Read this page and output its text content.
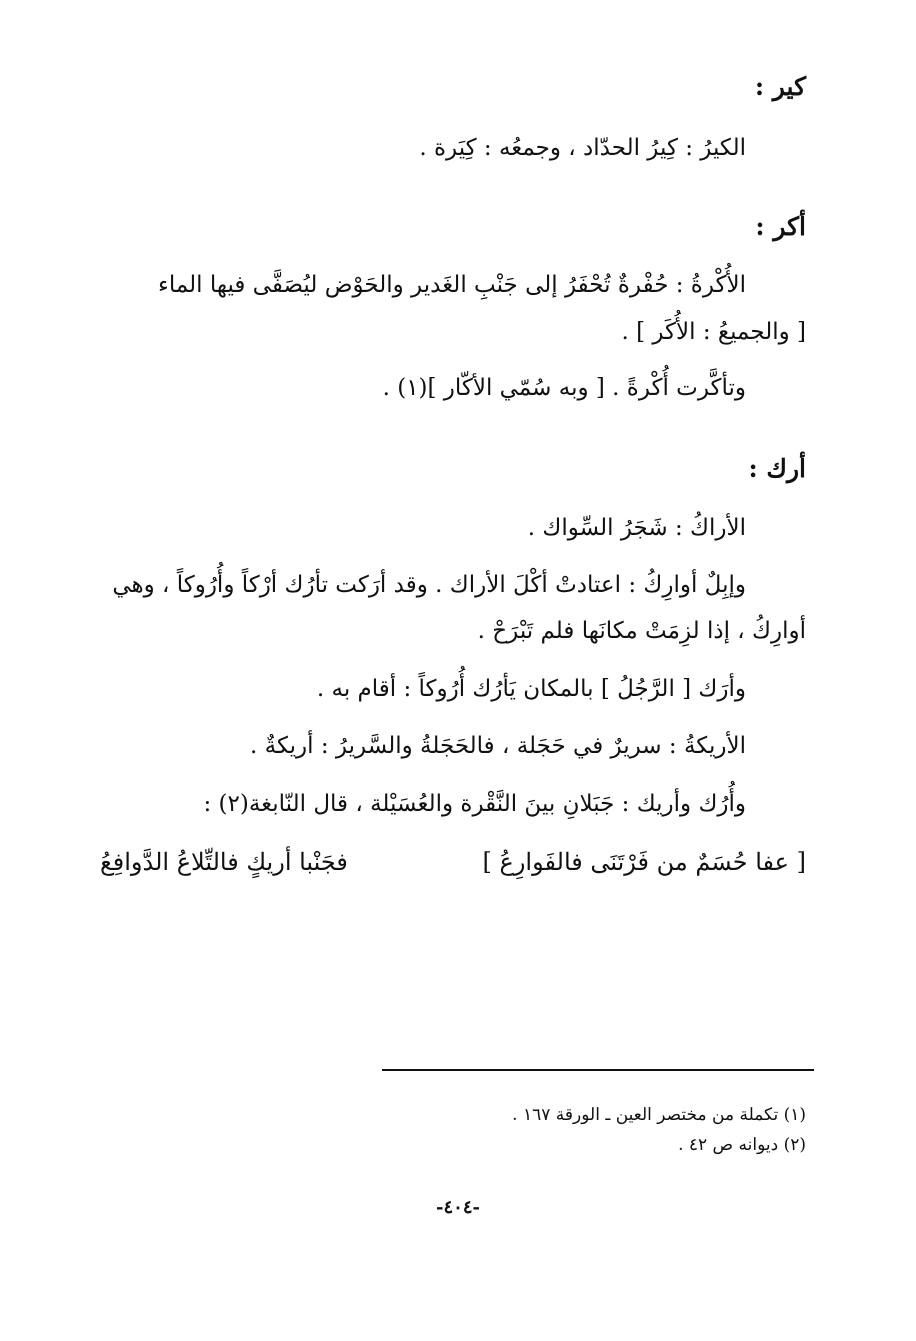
كير :
الكيرُ : كِيرُ الحدّاد ، وجمعُه : كِيَرة .
أكر :
الأُكْرةُ : حُفْرةٌ تُحْفَرُ إلى جَنْبِ الغَدير والحَوْض ليُصَفَّى فيها الماء
[ والجميعُ : الأُكَر ] .
وتأكَّرت أُكْرةً . [ وبه سُمّي الأكّار ](١) .
أرك :
الأراكُ : شَجَرُ السِّواك .
وإبِلٌ أوارِكُ : اعتادتْ أكْلَ الأراك . وقد أرَكت تأرُك أرْكاً وأُرُوكاً ، وهي
أوارِكُ ، إذا لزِمَتْ مكانَها فلم تَبْرَحْ .
وأرَك [ الرَّجُلُ ] بالمكان يَأرُك أُرُوكاً : أقام به .
الأريكةُ : سريرٌ في حَجَلة ، فالحَجَلةُ والسَّريرُ : أريكةٌ .
وأُرُك وأريك : جَبَلانِ بينَ النَّقْرة والعُسَيْلة ، قال النّابغة(٢) :
[ عفا حُسَمٌ من فَرْتَنَى فالفَوارِعُ ]
فجَنْبا أريكٍ فالتِّلاعُ الدَّوافِعُ
(١) تكملة من مختصر العين ـ الورقة ١٦٧ .
(٢) ديوانه ص ٤٢ .
-٤٠٤-
